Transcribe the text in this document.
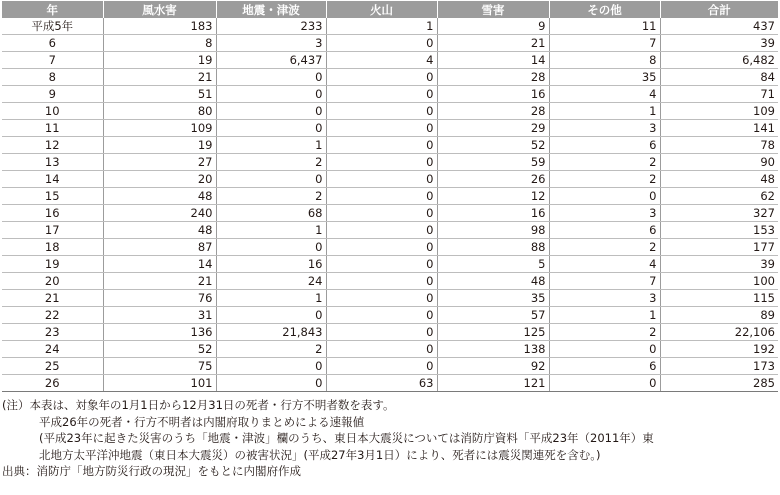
年	風水害	地震・津波	火山	雪害	その他	合計
平成5年	183	233	1	9	11	437
6	8	3	0	21	7	39
7	19	6,437	4	14	8	6,482
8	21	0	0	28	35	84
9	51	0	0	16	4	71
10	80	0	0	28	1	109
11	109	0	0	29	3	141
12	19	1	0	52	6	78
13	27	2	0	59	2	90
14	20	0	0	26	2	48
15	48	2	0	12	0	62
16	240	68	0	16	3	327
17	48	1	0	98	6	153
18	87	0	0	88	2	177
19	14	16	0	5	4	39
20	21	24	0	48	7	100
21	76	1	0	35	3	115
22	31	0	0	57	1	89
23	136	21,843	0	125	2	22,106
24	52	2	0	138	0	192
25	75	0	0	92	6	173
26	101	0	63	121	0	285
(注）本表は、対象年の1月1日から12月31日の死者・行方不明者数を表す。
平成26年の死者・行方不明者は内閣府取りまとめによる速報値
(平成23年に起きた災害のうち「地震・津波」欄のうち、東日本大震災については消防庁資料「平成23年（2011年）東
北地方太平洋沖地震（東日本大震災）の被害状況」(平成27年3月1日）により、死者には震災関連死を含む。)
出典：消防庁「地方防災行政の現況」をもとに内閣府作成
